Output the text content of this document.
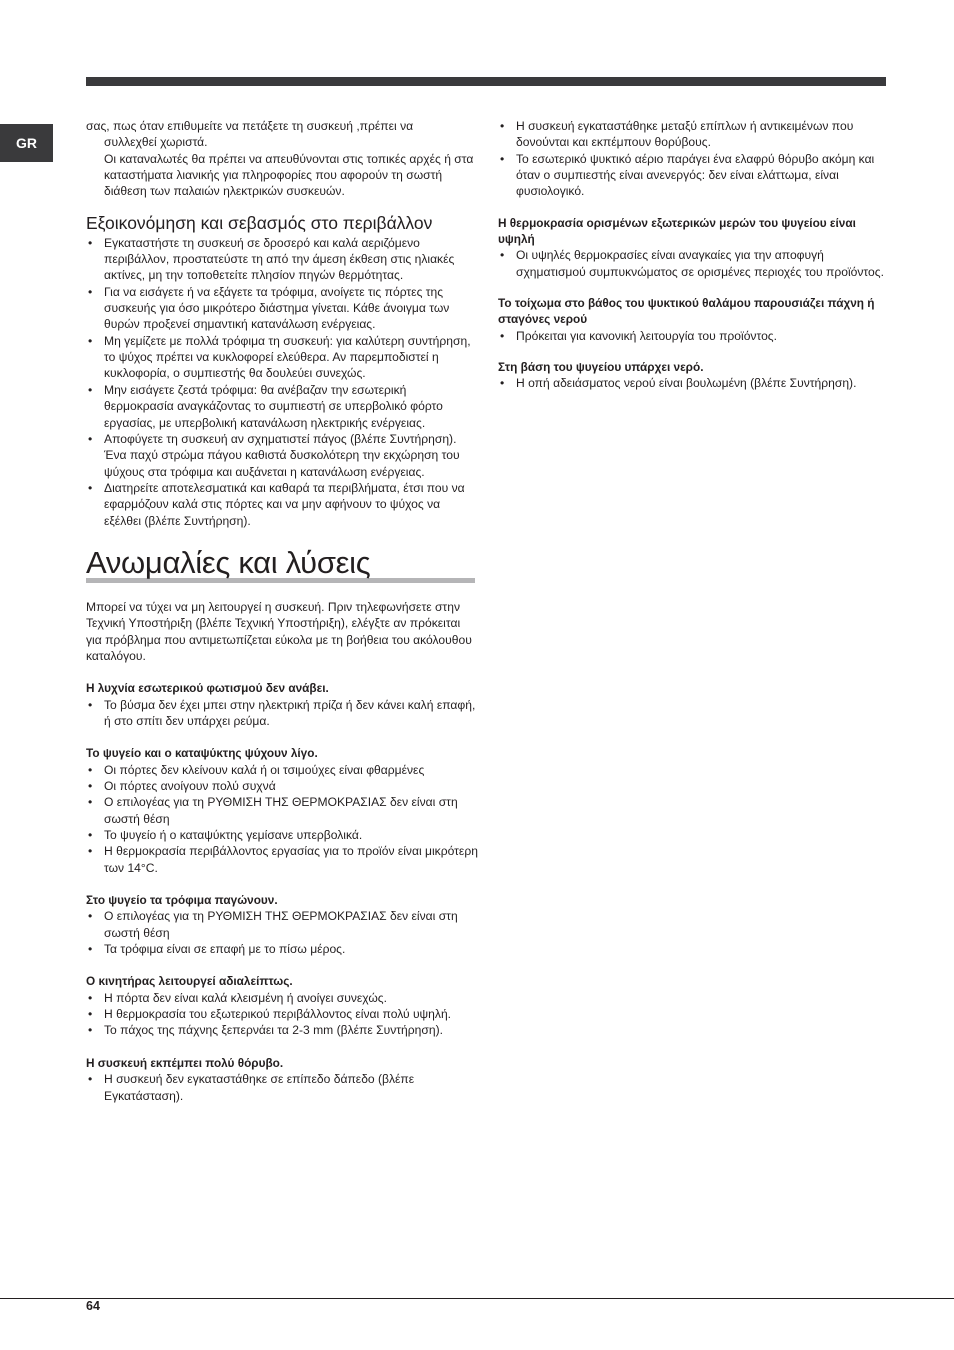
GR
σας, πως όταν επιθυμείτε να πετάξετε τη συσκευή ,πρέπει να
συλλεχθεί χωριστά.
Οι καταναλωτές θα πρέπει να απευθύνονται στις τοπικές αρχές ή στα καταστήματα λιανικής για πληροφορίες που αφορούν τη σωστή διάθεση των παλαιών ηλεκτρικών συσκευών.
Εξοικονόμηση και σεβασμός στο περιβάλλον
• Εγκαταστήστε τη συσκευή σε δροσερό και καλά αεριζόμενο περιβάλλον, προστατεύστε τη από την άμεση έκθεση στις ηλιακές ακτίνες, μη την τοποθετείτε πλησίον πηγών θερμότητας.
• Για να εισάγετε ή να εξάγετε τα τρόφιμα, ανοίγετε τις πόρτες της συσκευής για όσο μικρότερο διάστημα γίνεται. Κάθε άνοιγμα των θυρών προξενεί σημαντική κατανάλωση ενέργειας.
• Μη γεμίζετε με πολλά τρόφιμα τη συσκευή: για καλύτερη συντήρηση, το ψύχος πρέπει να κυκλοφορεί ελεύθερα. Αν παρεμποδιστεί η κυκλοφορία, ο συμπιεστής θα δουλεύει συνεχώς.
• Μην εισάγετε ζεστά τρόφιμα: θα ανέβαζαν την εσωτερική θερμοκρασία αναγκάζοντας το συμπιεστή σε υπερβολικό φόρτο εργασίας, με υπερβολική κατανάλωση ηλεκτρικής ενέργειας.
• Αποφύγετε τη συσκευή αν σχηματιστεί πάγος (βλέπε Συντήρηση). Ένα παχύ στρώμα πάγου καθιστά δυσκολότερη την εκχώρηση του ψύχους στα τρόφιμα και αυξάνεται η κατανάλωση ενέργειας.
• Διατηρείτε αποτελεσματικά και καθαρά τα περιβλήματα, έτσι που να εφαρμόζουν καλά στις πόρτες και να μην αφήνουν το ψύχος να εξέλθει (βλέπε Συντήρηση).
Ανωμαλίες και λύσεις

Μπορεί να τύχει να μη λειτουργεί η συσκευή. Πριν τηλεφωνήσετε στην Τεχνική Υποστήριξη (βλέπε Τεχνική Υποστήριξη), ελέγξτε αν πρόκειται για πρόβλημα που αντιμετωπίζεται εύκολα με τη βοήθεια του ακόλουθου καταλόγου.

Η λυχνία εσωτερικού φωτισμού δεν ανάβει.
• Το βύσμα δεν έχει μπει στην ηλεκτρική πρίζα ή δεν κάνει καλή επαφή, ή στο σπίτι δεν υπάρχει ρεύμα.
Το ψυγείο και ο καταψύκτης ψύχουν λίγο.
• Οι πόρτες δεν κλείνουν καλά ή οι τσιμούχες είναι φθαρμένες
• Οι πόρτες ανοίγουν πολύ συχνά
• Ο επιλογέας για τη ΡΥΘΜΙΣΗ ΤΗΣ ΘΕΡΜΟΚΡΑΣΙΑΣ δεν είναι στη σωστή θέση
• Το ψυγείο ή ο καταψύκτης γεμίσανε υπερβολικά.
• Η θερμοκρασία περιβάλλοντος εργασίας για το προϊόν είναι μικρότερη των 14°C.
Στο ψυγείο τα τρόφιμα παγώνουν.
• Ο επιλογέας για τη ΡΥΘΜΙΣΗ ΤΗΣ ΘΕΡΜΟΚΡΑΣΙΑΣ δεν είναι στη σωστή θέση
• Τα τρόφιμα είναι σε επαφή με το πίσω μέρος.
Ο κινητήρας λειτουργεί αδιαλείπτως.
• Η πόρτα δεν είναι καλά κλεισμένη ή ανοίγει συνεχώς.
• Η θερμοκρασία του εξωτερικού περιβάλλοντος είναι πολύ υψηλή.
• Το πάχος της πάχνης ξεπερνάει τα 2-3 mm (βλέπε Συντήρηση).
Η συσκευή εκπέμπει πολύ θόρυβο.
• Η συσκευή δεν εγκαταστάθηκε σε επίπεδο δάπεδο (βλέπε Εγκατάσταση).
• Η συσκευή εγκαταστάθηκε μεταξύ επίπλων ή αντικειμένων που δονούνται και εκπέμπουν θορύβους.
• Το εσωτερικό ψυκτικό αέριο παράγει ένα ελαφρύ θόρυβο ακόμη και όταν ο συμπιεστής είναι ανενεργός: δεν είναι ελάττωμα, είναι φυσιολογικό.
Η θερμοκρασία ορισμένων εξωτερικών μερών του ψυγείου είναι υψηλή
• Οι υψηλές θερμοκρασίες είναι αναγκαίες για την αποφυγή σχηματισμού συμπυκνώματος σε ορισμένες περιοχές του προϊόντος.
Το τοίχωμα στο βάθος του ψυκτικού θαλάμου παρουσιάζει πάχνη ή σταγόνες νερού
• Πρόκειται για κανονική λειτουργία του προϊόντος.
Στη βάση του ψυγείου υπάρχει νερό.
• Η οπή αδειάσματος νερού είναι βουλωμένη (βλέπε Συντήρηση).
64
